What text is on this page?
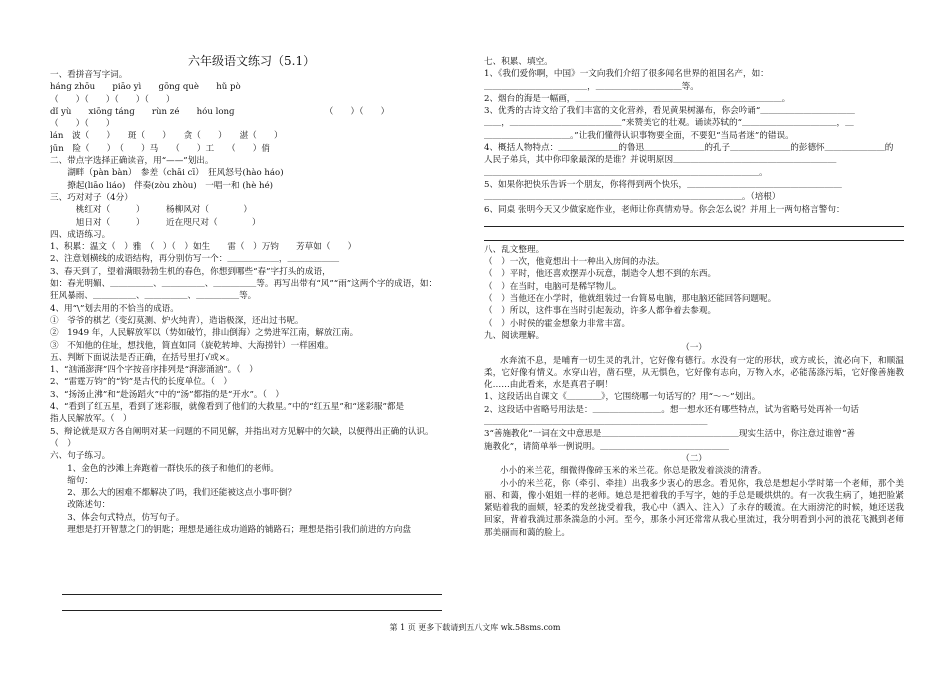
六年级语文练习（5.1）
一、看拼音写字词。
hánɡ zhōu　　piāo yì　　ɡōnɡ què　　hǔ pò
（　　）（　　）（　　）（　　）
dǐ yù　　xiōnɡ tánɡ　　rùn zé　　hóu lonɡ　　　　　　　　　　　（　　）（　　）
（　　）（　　）
lán　波（　　）　　斑（　　）　　贪（　　）　　湛（　　）
jūn　险（　　）　（　　）马　　（　　）工　　（　　）俏
二、带点字选择正确读音，用“——”划出。
　　湖畔（pàn bàn）　参差（chāi cī）　狂风怒号(hào háo)
　　撩起(liāo liáo)　伴奏(zòu zhòu)　一唱一和 (hè hé)
三、巧对对子（4分）
　　　桃红对（　　　）　　　杨柳风对（　　　　）
　　　旭日对（　　　）　　　近在咫尺对（　　　　）
四、成语练习。
1、积累：温文（　）雅　（　）（　）如生　　雷（　）万钧　　芳草如（　　）
2、注意划横线的成语结构，再分别仿写一个：＿＿＿＿＿＿，＿＿＿＿＿＿
3、春天到了，望着满眼勃勃生机的春色，你想到哪些“春”字打头的成语，
如：春光明媚、＿＿＿＿＿、＿＿＿＿＿、＿＿＿＿＿等。再写出带有“风”“雨”这两个字的成语，如：
狂风暴雨、＿＿＿＿＿、＿＿＿＿＿、＿＿＿＿＿等。
4、用“\”划去用的不恰当的成语。
①　爷爷的棋艺（变幻莫测、炉火纯青），造诣极深，还出过书呢。
②　1949 年，人民解放军以（势如破竹，排山倒海）之势进军江南，解放江南。
③　不知他的住址，想找他，简直如同（旋乾转坤、大海捞针）一样困难。
五、判断下面说法是否正确，在括号里打√或×。
1、“汹涌澎湃”四个字按音序排列是“湃澎涌汹”。（　）
2、“雷霆万钧”的“钧”是古代的长度单位。（　）
3、“扬汤止沸”和“赴汤蹈火”中的“汤”都指的是“开水”。（　）
4、“看到了红五星，看到了迷彩服，就像看到了他们的大救星。”中的“红五星”和“迷彩服”都是
指人民解放军。（　）
5、辩论就是双方各自阐明对某一问题的不同见解，并指出对方见解中的欠缺，以便得出正确的认识。
（　）
六、句子练习。
　　1、金色的沙滩上奔跑着一群快乐的孩子和他们的老师。
　　缩句：
　　2、那么大的困难不都解决了吗，我们还能被这点小事吓倒？
　　改陈述句：
　　3、体会句式特点，仿写句子。
　　理想是打开智慧之门的钥匙；理想是通往成功道路的铺路石；理想是指引我们前进的方向盘
七、积累、填空。
1、《我们爱你啊，中国》一文向我们介绍了很多闻名世界的祖国名产，如：
＿＿＿＿＿＿＿＿＿＿＿＿，＿＿＿＿＿＿＿＿＿＿等。
2、烟台的海是一幅画，＿＿＿＿＿＿＿＿＿＿＿＿＿＿＿＿＿＿＿＿＿＿＿＿。
3、优秀的古诗文给了我们丰富的文化营养，看见黄果树瀑布，你会吟诵“＿＿＿＿＿＿＿＿＿＿＿
＿＿，＿＿＿＿＿＿＿＿＿＿＿＿＿”来赞美它的壮观。诵读苏轼的“＿＿＿＿＿＿＿＿＿＿＿，＿
＿＿＿＿＿＿＿＿＿＿。”让我们懂得认识事物要全面，不要犯“当局者迷”的错误。
4、概括人物特点：＿＿＿＿＿＿＿的鲁迅＿＿＿＿＿＿＿的孔子＿＿＿＿＿＿＿的彭德怀＿＿＿＿＿＿＿的
人民子弟兵，其中你印象最深的是谁？并说明原因＿＿＿＿＿＿＿＿＿＿＿＿＿＿＿＿＿＿＿
＿＿＿＿＿＿＿＿＿＿＿＿＿＿＿＿＿＿＿＿＿＿＿＿＿＿＿＿＿＿＿＿。
5、如果你把快乐告诉一个朋友，你将得到两个快乐，＿＿＿＿＿＿＿＿＿＿＿＿＿＿＿＿＿＿
＿＿＿＿＿＿＿＿＿＿＿＿＿＿＿＿＿＿＿＿＿＿＿＿＿＿＿＿＿＿。（培根）
6、同桌 张明今天又少做家庭作业，老师让你真情劝导。你会怎么说？并用上一两句格言警句：
八、乱文整理。
（　）一次，他竟想出十一种出入房间的办法。
（　）平时，他还喜欢摆弄小玩意，制造令人想不到的东西。
（　）在当时，电脑可是稀罕物儿。
（　）当他还在小学时，他就组装过一台简易电脑，那电脑还能回答问题呢。
（　）所以，这件事在当时引起轰动，许多人都争着去参观。
（　）小时侯的霍金想象力非常丰富。
九、阅读理解。
（一）
水奔流不息，是哺育一切生灵的乳汁，它好像有德行。水没有一定的形状，或方或长，流必向下，和顺温柔，它好像有情义。水穿山岩，凿石壁，从无惧色，它好像有志向，万物入水，必能荡涤污垢，它好像善施教化……由此看来，水是真君子啊！
1、这段话出自课文《＿＿＿＿》，它围绕哪一句话写的？用“～～”划出。
2、这段话中省略号用法是：＿＿＿＿＿＿＿＿。想一想水还有哪些特点，试为省略号处再补一句话
＿＿＿＿＿＿＿＿＿＿＿＿＿＿＿＿＿＿＿＿＿＿＿＿＿＿
3“善施教化”一词在文中意思是＿＿＿＿＿＿＿＿＿＿＿＿＿＿＿＿现实生活中，你注意过谁曾“善
施教化”，请简单举一例说明。＿＿＿＿＿＿＿＿＿＿＿＿＿＿＿
（二）
小小的米兰花，细微得像碎玉米的米兰花。你总是散发着淡淡的清香。
小小的米兰花，你（牵引、牵挂）出我多少衷心的思念。看见你，我总是想起小学时第一个老师，那个美丽、和蔼，像小姐姐一样的老师。她总是把着我的手写字，她的手总是暖烘烘的。有一次我生病了，她把脸紧紧贴着我的面颊，轻柔的发丝拢受着我，我心中（洒入、注入）了永存的暖流。在大雨滂沱的时候，她还送我回家，背着我淌过那条湍急的小河。至今，那条小河还常常从我心里流过，我分明看到小河的浪花飞溅到老师那美丽而和蔼的脸上。
第 1 页 更多下载请到五八文库 wk.58sms.com
